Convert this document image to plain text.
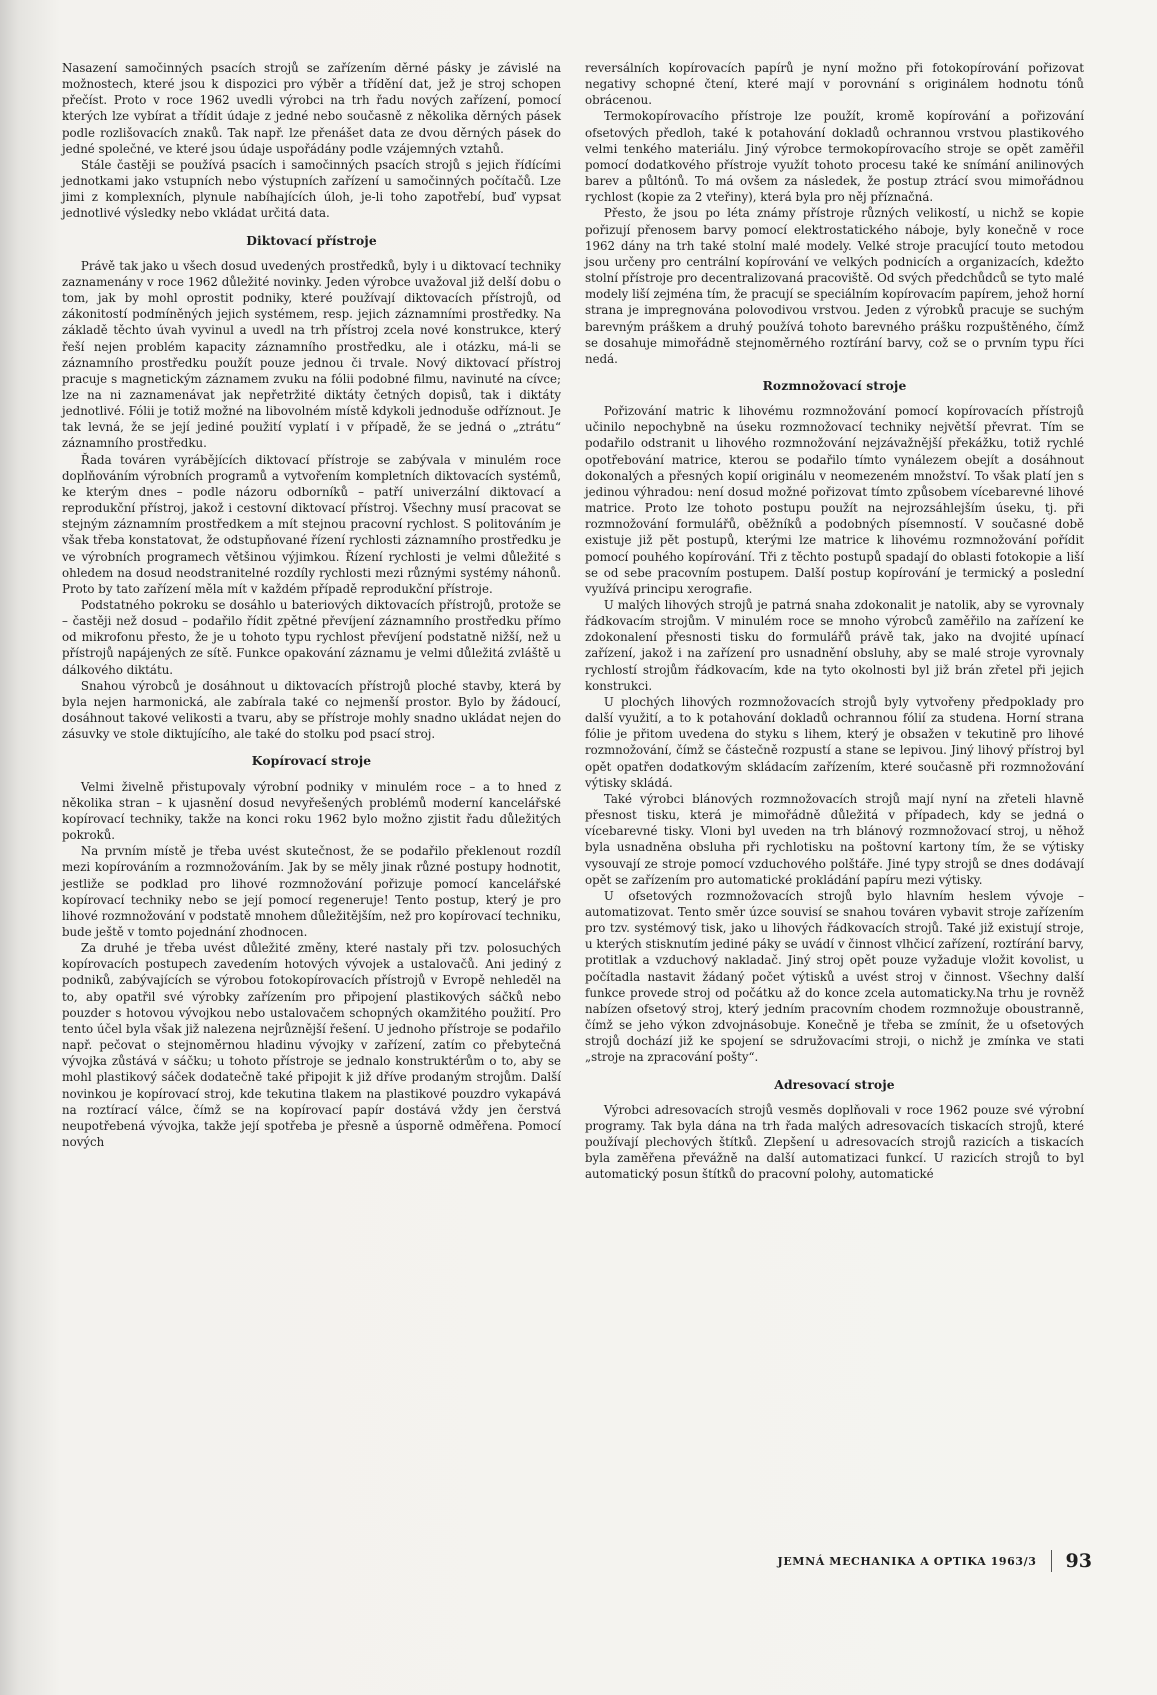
Nasazení samočinných psacích strojů se zařízením děrné pásky je závislé na možnostech, které jsou k dispozici pro výběr a třídění dat, jež je stroj schopen přečíst. Proto v roce 1962 uvedli výrobci na trh řadu nových zařízení, pomocí kterých lze vybírat a třídit údaje z jedné nebo současně z několika děrných pásek podle rozlišovacích znaků. Tak např. lze přenášet data ze dvou děrných pásek do jedné společné, ve které jsou údaje uspořádány podle vzájemných vztahů.

Stále častěji se používá psacích i samočinných psacích strojů s jejich řídícími jednotkami jako vstupních nebo výstupních zařízení u samočinných počítačů. Lze jimi z komplexních, plynule nabíhajících úloh, je-li toho zapotřebí, buď vypsat jednotlivé výsledky nebo vkládat určitá data.

Diktovací přístroje

Právě tak jako u všech dosud uvedených prostředků, byly i u diktovací techniky zaznamenány v roce 1962 důležité novinky. Jeden výrobce uvažoval již delší dobu o tom, jak by mohl oprostit podniky, které používají diktovacích přístrojů, od zákonitostí podmíněných jejich systémem, resp. jejich záznamními prostředky. Na základě těchto úvah vyvinul a uvedl na trh přístroj zcela nové konstrukce, který řeší nejen problém kapacity záznamního prostředku, ale i otázku, má-li se záznamního prostředku použít pouze jednou či trvale. Nový diktovací přístroj pracuje s magnetickým záznamem zvuku na fólii podobné filmu, navinuté na cívce; lze na ni zaznamenávat jak nepřetržité diktáty četných dopisů, tak i diktáty jednotlivé. Fólii je totiž možné na libovolném místě kdykoli jednoduše odříznout. Je tak levná, že se její jediné použití vyplatí i v případě, že se jedná o „ztrátu“ záznamního prostředku.

Řada továren vyrábějících diktovací přístroje se zabývala v minulém roce doplňováním výrobních programů a vytvořením kompletních diktovacích systémů, ke kterým dnes – podle názoru odborníků – patří univerzální diktovací a reprodukční přístroj, jakož i cestovní diktovací přístroj. Všechny musí pracovat se stejným záznamním prostředkem a mít stejnou pracovní rychlost. S politováním je však třeba konstatovat, že odstupňované řízení rychlosti záznamního prostředku je ve výrobních programech většinou výjimkou. Řízení rychlosti je velmi důležité s ohledem na dosud neodstranitelné rozdíly rychlosti mezi různými systémy náhonů. Proto by tato zařízení měla mít v každém případě reprodukční přístroje.

Podstatného pokroku se dosáhlo u bateriových diktovacích přístrojů, protože se – častěji než dosud – podařilo řídit zpětné převíjení záznamního prostředku přímo od mikrofonu přesto, že je u tohoto typu rychlost převíjení podstatně nižší, než u přístrojů napájených ze sítě. Funkce opakování záznamu je velmi důležitá zvláště u dálkového diktátu.

Snahou výrobců je dosáhnout u diktovacích přístrojů ploché stavby, která by byla nejen harmonická, ale zabírala také co nejmenší prostor. Bylo by žádoucí, dosáhnout takové velikosti a tvaru, aby se přístroje mohly snadno ukládat nejen do zásuvky ve stole diktujícího, ale také do stolku pod psací stroj.

Kopírovací stroje

Velmi živelně přistupovaly výrobní podniky v minulém roce – a to hned z několika stran – k ujasnění dosud nevyřešených problémů moderní kancelářské kopírovací techniky, takže na konci roku 1962 bylo možno zjistit řadu důležitých pokroků.

Na prvním místě je třeba uvést skutečnost, že se podařilo překlenout rozdíl mezi kopírováním a rozmnožováním. Jak by se měly jinak různé postupy hodnotit, jestliže se podklad pro lihové rozmnožování pořizuje pomocí kancelářské kopírovací techniky nebo se její pomocí regeneruje! Tento postup, který je pro lihové rozmnožování v podstatě mnohem důležitějším, než pro kopírovací techniku, bude ještě v tomto pojednání zhodnocen.

Za druhé je třeba uvést důležité změny, které nastaly při tzv. polosuchých kopírovacích postupech zavedením hotových vývojek a ustalovačů. Ani jediný z podniků, zabývajících se výrobou fotokopírovacích přístrojů v Evropě nehleděl na to, aby opatřil své výrobky zařízením pro připojení plastikových sáčků nebo pouzder s hotovou vývojkou nebo ustalovačem schopných okamžitého použití. Pro tento účel byla však již nalezena nejrůznější řešení. U jednoho přístroje se podařilo např. pečovat o stejnoměrnou hladinu vývojky v zařízení, zatím co přebytečná vývojka zůstává v sáčku; u tohoto přístroje se jednalo konstruktérům o to, aby se mohl plastikový sáček dodatečně také připojit k již dříve prodaným strojům. Další novinkou je kopírovací stroj, kde tekutina tlakem na plastikové pouzdro vykapává na roztírací válce, čímž se na kopírovací papír dostává vždy jen čerstvá neupotřebená vývojka, takže její spotřeba je přesně a úsporně odměřena. Pomocí nových

reversálních kopírovacích papírů je nyní možno při fotokopírování pořizovat negativy schopné čtení, které mají v porovnání s originálem hodnotu tónů obrácenou.

Termokopírovacího přístroje lze použít, kromě kopírování a pořizování ofsetových předloh, také k potahování dokladů ochrannou vrstvou plastikového velmi tenkého materiálu. Jiný výrobce termokopírovacího stroje se opět zaměřil pomocí dodatkového přístroje využít tohoto procesu také ke snímání anilinových barev a půltónů. To má ovšem za následek, že postup ztrácí svou mimořádnou rychlost (kopie za 2 vteřiny), která byla pro něj příznačná.

Přesto, že jsou po léta známy přístroje různých velikostí, u nichž se kopie pořizují přenosem barvy pomocí elektrostatického náboje, byly konečně v roce 1962 dány na trh také stolní malé modely. Velké stroje pracující touto metodou jsou určeny pro centrální kopírování ve velkých podnicích a organizacích, kdežto stolní přístroje pro decentralizovaná pracoviště. Od svých předchůdců se tyto malé modely liší zejména tím, že pracují se speciálním kopírovacím papírem, jehož horní strana je impregnována polovodivou vrstvou. Jeden z výrobků pracuje se suchým barevným práškem a druhý používá tohoto barevného prášku rozpuštěného, čímž se dosahuje mimořádně stejnoměrného roztírání barvy, což se o prvním typu říci nedá.

Rozmnožovací stroje

Pořizování matric k lihovému rozmnožování pomocí kopírovacích přístrojů učinilo nepochybně na úseku rozmnožovací techniky největší převrat. Tím se podařilo odstranit u lihového rozmnožování nejzávažnější překážku, totiž rychlé opotřebování matrice, kterou se podařilo tímto vynálezem obejít a dosáhnout dokonalých a přesných kopií originálu v neomezeném množství. To však platí jen s jedinou výhradou: není dosud možné pořizovat tímto způsobem vícebarevné lihové matrice. Proto lze tohoto postupu použít na nejrozsáhlejším úseku, tj. při rozmnožování formulářů, oběžníků a podobných písemností. V současné době existuje již pět postupů, kterými lze matrice k lihovému rozmnožování pořídit pomocí pouhého kopírování. Tři z těchto postupů spadají do oblasti fotokopie a liší se od sebe pracovním postupem. Další postup kopírování je termický a poslední využívá principu xerografie.

U malých lihových strojů je patrná snaha zdokonalit je natolik, aby se vyrovnaly řádkovacím strojům. V minulém roce se mnoho výrobců zaměřilo na zařízení ke zdokonalení přesnosti tisku do formulářů právě tak, jako na dvojité upínací zařízení, jakož i na zařízení pro usnadnění obsluhy, aby se malé stroje vyrovnaly rychlostí strojům řádkovacím, kde na tyto okolnosti byl již brán zřetel při jejich konstrukci.

U plochých lihových rozmnožovacích strojů byly vytvořeny předpoklady pro další využití, a to k potahování dokladů ochrannou fólií za studena. Horní strana fólie je přitom uvedena do styku s lihem, který je obsažen v tekutině pro lihové rozmnožování, čímž se částečně rozpustí a stane se lepivou. Jiný lihový přístroj byl opět opatřen dodatkovým skládacím zařízením, které současně při rozmnožování výtisky skládá.

Také výrobci blánových rozmnožovacích strojů mají nyní na zřeteli hlavně přesnost tisku, která je mimořádně důležitá v případech, kdy se jedná o vícebarevné tisky. Vloni byl uveden na trh blánový rozmnožovací stroj, u něhož byla usnadněna obsluha při rychlotisku na poštovní kartony tím, že se výtisky vysouvají ze stroje pomocí vzduchového polštáře. Jiné typy strojů se dnes dodávají opět se zařízením pro automatické prokládání papíru mezi výtisky.

U ofsetových rozmnožovacích strojů bylo hlavním heslem vývoje – automatizovat. Tento směr úzce souvisí se snahou továren vybavit stroje zařízením pro tzv. systémový tisk, jako u lihových řádkovacích strojů. Také již existují stroje, u kterých stisknutím jediné páky se uvádí v činnost vlhčicí zařízení, roztírání barvy, protitlak a vzduchový nakladač. Jiný stroj opět pouze vyžaduje vložit kovolist, u počítadla nastavit žádaný počet výtisků a uvést stroj v činnost. Všechny další funkce provede stroj od počátku až do konce zcela automaticky.Na trhu je rovněž nabízen ofsetový stroj, který jedním pracovním chodem rozmnožuje oboustranně, čímž se jeho výkon zdvojnásobuje. Konečně je třeba se zmínit, že u ofsetových strojů dochází již ke spojení se sdružovacími stroji, o nichž je zmínka ve stati „stroje na zpracování pošty“.

Adresovací stroje

Výrobci adresovacích strojů vesměs doplňovali v roce 1962 pouze své výrobní programy. Tak byla dána na trh řada malých adresovacích tiskacích strojů, které používají plechových štítků. Zlepšení u adresovacích strojů razicích a tiskacích byla zaměřena převážně na další automatizaci funkcí. U razicích strojů to byl automatický posun štítků do pracovní polohy, automatické

JEMNÁ MECHANIKA A OPTIKA 1963/3 93
